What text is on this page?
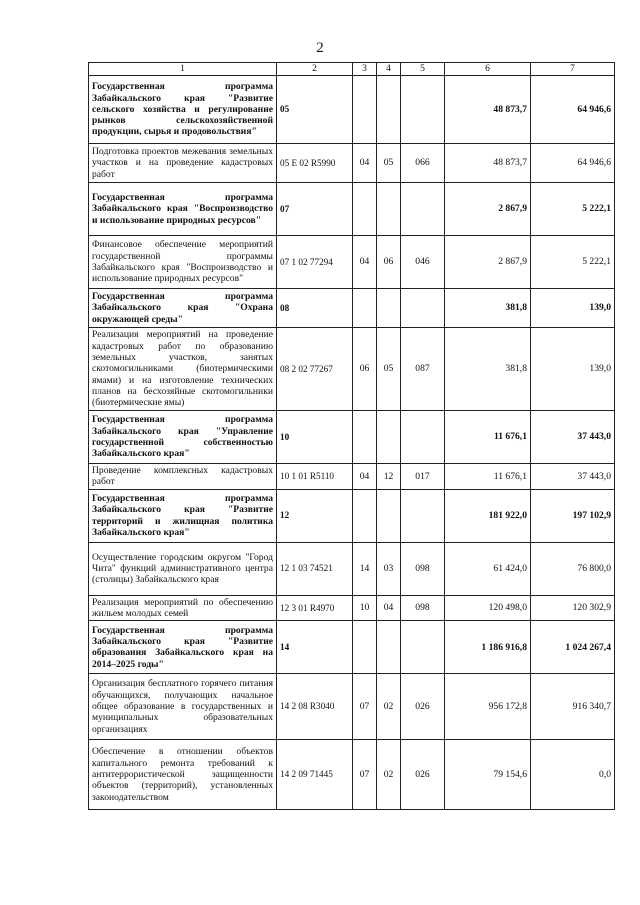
2
1	2	3	4	5	6	7
Государственная программа Забайкальского края "Развитие сельского хозяйства и регулирование рынков сельскохозяйственной продукции, сырья и продовольствия"	05				48 873,7	64 946,6
Подготовка проектов межевания земельных участков и на проведение кадастровых работ	05 E 02 R5990	04	05	066	48 873,7	64 946,6
Государственная программа Забайкальского края "Воспроизводство и использование природных ресурсов"	07				2 867,9	5 222,1
Финансовое обеспечение мероприятий государственной программы Забайкальского края "Воспроизводство и использование природных ресурсов"	07 1 02 77294	04	06	046	2 867,9	5 222,1
Государственная программа Забайкальского края "Охрана окружающей среды"	08				381,8	139,0
Реализация мероприятий на проведение кадастровых работ по образованию земельных участков, занятых скотомогильниками (биотермическими ямами) и на изготовление технических планов на бесхозяйные скотомогильники (биотермические ямы)	08 2 02 77267	06	05	087	381,8	139,0
Государственная программа Забайкальского края "Управление государственной собственностью Забайкальского края"	10				11 676,1	37 443,0
Проведение комплексных кадастровых работ	10 1 01 R5110	04	12	017	11 676,1	37 443,0
Государственная программа Забайкальского края "Развитие территорий и жилищная политика Забайкальского края"	12				181 922,0	197 102,9
Осуществление городским округом "Город Чита" функций административного центра (столицы) Забайкальского края	12 1 03 74521	14	03	098	61 424,0	76 800,0
Реализация мероприятий по обеспечению жильем молодых семей	12 3 01 R4970	10	04	098	120 498,0	120 302,9
Государственная программа Забайкальского края "Развитие образования Забайкальского края на 2014–2025 годы"	14				1 186 916,8	1 024 267,4
Организация бесплатного горячего питания обучающихся, получающих начальное общее образование в государственных и муниципальных образовательных организациях	14 2 08 R3040	07	02	026	956 172,8	916 340,7
Обеспечение в отношении объектов капитального ремонта требований к антитеррористической защищенности объектов (территорий), установленных законодательством	14 2 09 71445	07	02	026	79 154,6	0,0
